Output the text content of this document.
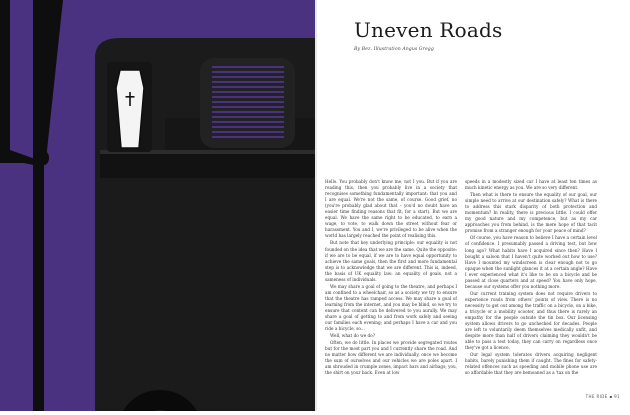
Uneven Roads

By Bez. Illustration Angus Gregg

Hello. You probably don't know me, not I you. But if you are reading this, then you probably live in a society that recognises something fundamentally important: that you and I are equal. We're not the same, of course. Good grief, no (you're probably glad about that – you'd no doubt have an easier time finding reasons that fit, for a start). But we are equal. We have the same right to be educated, to earn a wage, to vote, to walk down the street without fear or harassment. You and I, we're privileged to be alive when the world has largely reached the point of realising this.

But note that key underlying principle: our equality is not founded on the idea that we are the same. Quite the opposite: if we are to be equal, if we are to have equal opportunity to achieve the same goals, then the first and more fundamental step is to acknowledge that we are different. This is, indeed, the basis of UK equality law: an equality of goals, not a sameness of individuals.

We may share a goal of going to the theatre, and perhaps I am confined to a wheelchair, so as a society we try to ensure that the theatre has ramped access. We may share a goal of learning from the internet, and you may be blind, so we try to ensure that content can be delivered to you aurally. We may share a goal of getting to and from work safely and seeing our families each evening; and perhaps I have a car and you ride a bicycle, so...

Well, what do we do?

Often, we do little. In places we provide segregated routes but for the most part you and I currently share the road. And no matter how different we are individually, once we become the sum of ourselves and our vehicles we are poles apart. I am shrouded in crumple zones, impact bars and airbags; you, the shirt on your back. Even at low

speeds in a modestly sized car I have at least ten times as much kinetic energy as you. We are so very different.

Then what is there to ensure the equality of our goal, our simple need to arrive at our destination safely? What is there to address this stark disparity of both protection and momentum? In reality, there is precious little. I could offer my good nature and my competence, but as my car approaches you from behind, is the mere hope of that tacit promise from a stranger enough for your peace of mind?

Of course, you have reason to believe I have a certain level of confidence. I presumably passed a driving test, but how long ago? What habits have I acquired since then? Have I bought a saloon that I haven't quite worked out how to use? Have I mounted my windscreen is clear enough not to go opaque when the sunlight glances it at a certain angle? Have I ever experienced what it's like to be on a bicycle and be passed at close quarters and at speed? You have only hope, because our systems offer you nothing more.

Our current training system does not require drivers to experience roads from others' points of view. There is no necessity to get out among the traffic on a bicycle, on a bike, a tricycle or a mobility scooter, and thus there is rarely an empathy for the people outside the tin box. Our licensing system allows drivers to go unchecked for decades. People are left to voluntarily deem themselves medically unfit, and despite more than half of drivers claiming they wouldn't be able to pass a test today, they can carry on regardless once they've got a licence.

Our legal system tolerates drivers acquiring negligent habits, barely punishing them if caught. The fines for safety-related offences such as speeding and mobile phone use are so affordable that they are bemoaned as a 'tax on the

THE RIDE ▪ 91
